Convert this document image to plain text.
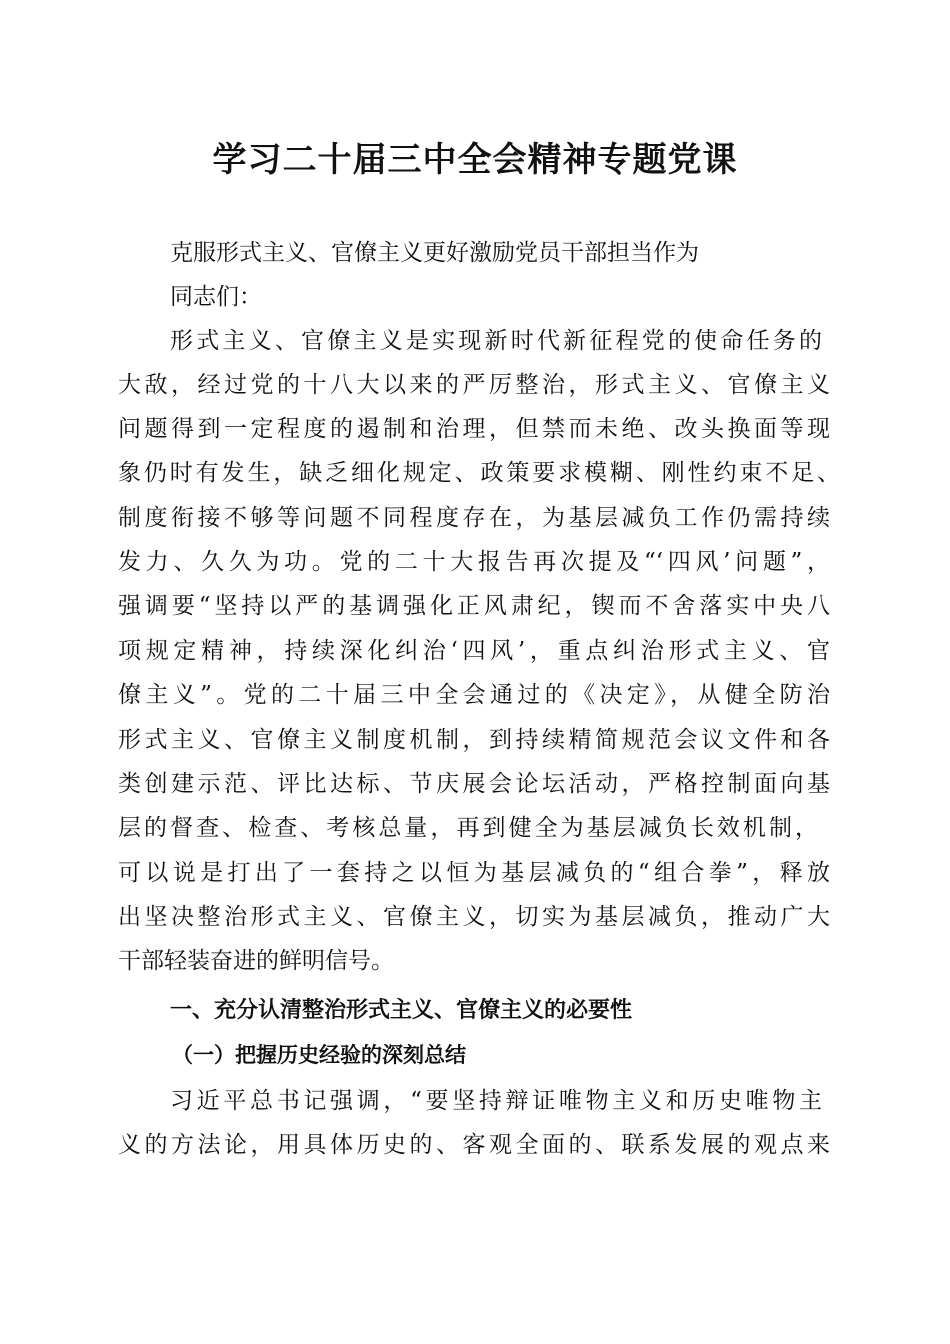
学习二十届三中全会精神专题党课

克服形式主义、官僚主义更好激励党员干部担当作为

同志们：

形式主义、官僚主义是实现新时代新征程党的使命任务的

大敌，经过党的十八大以来的严厉整治，形式主义、官僚主义

问题得到一定程度的遏制和治理，但禁而未绝、改头换面等现

象仍时有发生，缺乏细化规定、政策要求模糊、刚性约束不足、

制度衔接不够等问题不同程度存在，为基层减负工作仍需持续

发力、久久为功。党的二十大报告再次提及“‘四风’问题”，

强调要“坚持以严的基调强化正风肃纪，锲而不舍落实中央八

项规定精神，持续深化纠治‘四风’，重点纠治形式主义、官

僚主义”。党的二十届三中全会通过的《决定》，从健全防治

形式主义、官僚主义制度机制，到持续精简规范会议文件和各

类创建示范、评比达标、节庆展会论坛活动，严格控制面向基

层的督查、检查、考核总量，再到健全为基层减负长效机制，

可以说是打出了一套持之以恒为基层减负的“组合拳”，释放

出坚决整治形式主义、官僚主义，切实为基层减负，推动广大

干部轻装奋进的鲜明信号。

一、充分认清整治形式主义、官僚主义的必要性

（一）把握历史经验的深刻总结

习近平总书记强调，“要坚持辩证唯物主义和历史唯物主

义的方法论，用具体历史的、客观全面的、联系发展的观点来
